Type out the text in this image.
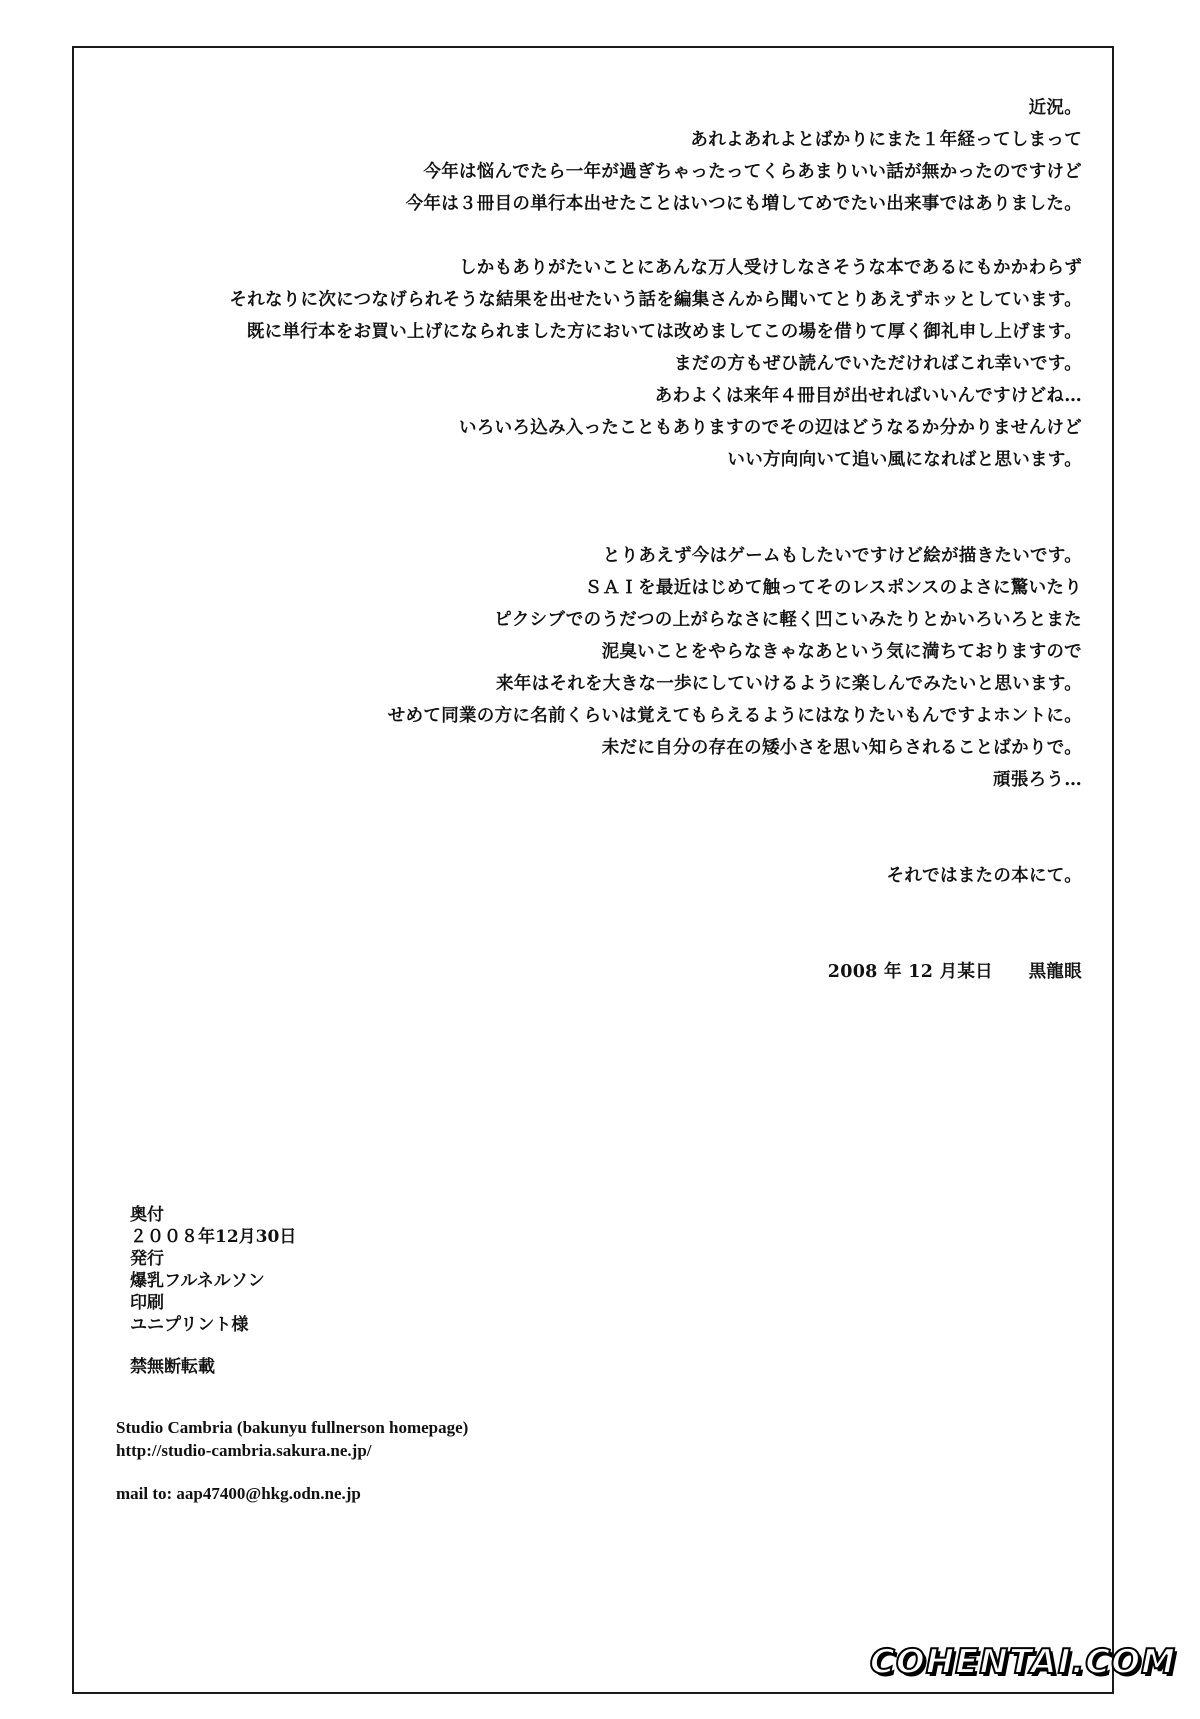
近況。
あれよあれよとばかりにまた１年経ってしまって
今年は悩んでたら一年が過ぎちゃったってくらあまりいい話が無かったのですけど
今年は３冊目の単行本出せたことはいつにも増してめでたい出来事ではありました。
しかもありがたいことにあんな万人受けしなさそうな本であるにもかかわらず
それなりに次につなげられそうな結果を出せたいう話を編集さんから聞いてとりあえずホッとしています。
既に単行本をお買い上げになられました方においては改めましてこの場を借りて厚く御礼申し上げます。
まだの方もぜひ読んでいただければこれ幸いです。
あわよくは来年４冊目が出せればいいんですけどね…
いろいろ込み入ったこともありますのでその辺はどうなるか分かりませんけど
いい方向向いて追い風になればと思います。
とりあえず今はゲームもしたいですけど絵が描きたいです。
ＳＡＩを最近はじめて触ってそのレスポンスのよさに驚いたり
ピクシブでのうだつの上がらなさに軽く凹こいみたりとかいろいろとまた
泥臭いことをやらなきゃなあという気に満ちておりますので
来年はそれを大きな一歩にしていけるように楽しんでみたいと思います。
せめて同業の方に名前くらいは覚えてもらえるようにはなりたいもんですよホントに。
未だに自分の存在の矮小さを思い知らされることばかりで。
頑張ろう…
それではまたの本にて。
2008 年 12 月某日　　黒龍眼
奥付
２００８年12月30日
発行
爆乳フルネルソン
印刷
ユニプリント様
禁無断転載
Studio Cambria (bakunyu fullnerson homepage)
http://studio-cambria.sakura.ne.jp/
mail to: aap47400@hkg.odn.ne.jp
COHENTAI.COM
